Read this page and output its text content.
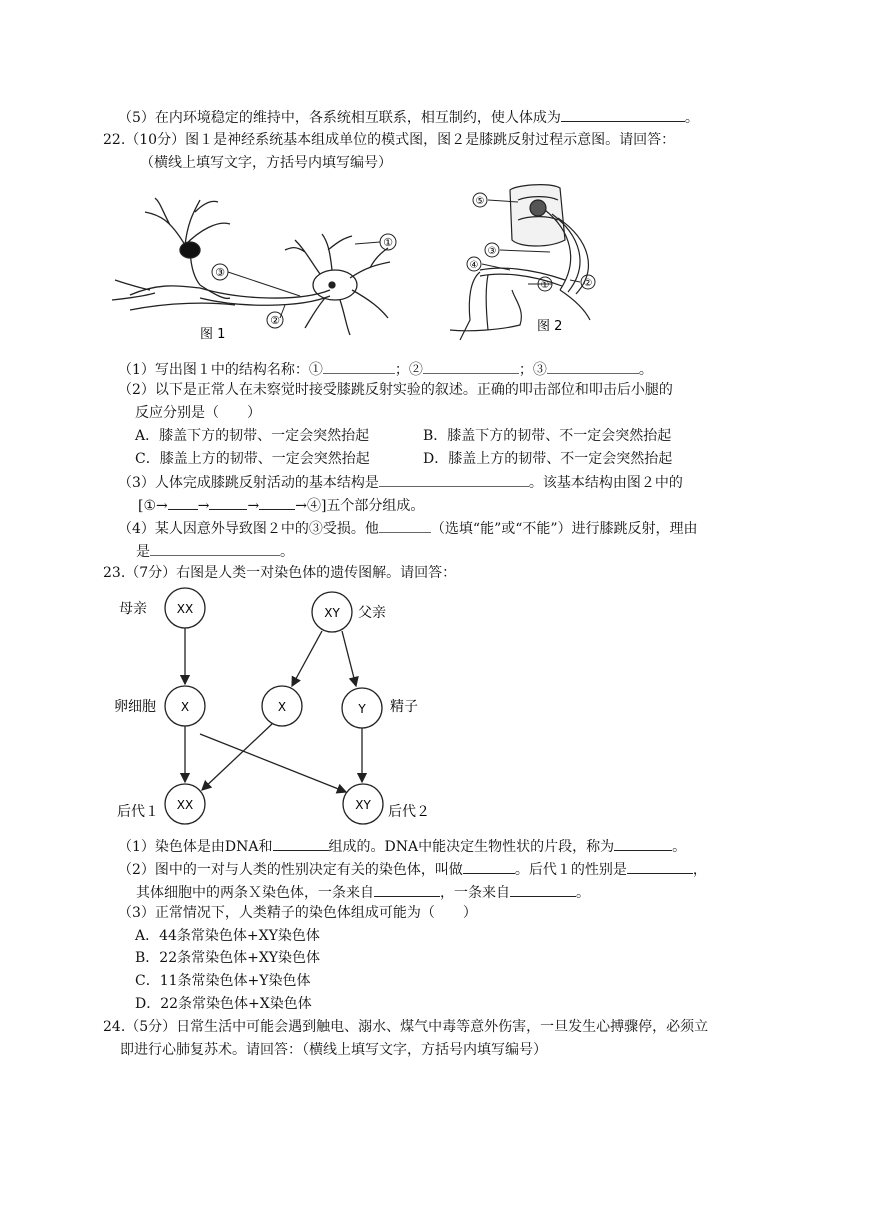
（5）在内环境稳定的维持中，各系统相互联系，相互制约，使人体成为	。
22.（10分）图１是神经系统基本组成单位的模式图，图２是膝跳反射过程示意图。请回答：
（横线上填写文字，方括号内填写编号）
①
③
②
图 1
⑤
③
④
①	②
图 2
（1）写出图１中的结构名称：①	；②	；③	。
（2）以下是正常人在未察觉时接受膝跳反射实验的叙述。正确的叩击部位和叩击后小腿的
反应分别是（　　）
A．膝盖下方的韧带、一定会突然抬起	B．膝盖下方的韧带、不一定会突然抬起
C．膝盖上方的韧带、一定会突然抬起	D．膝盖上方的韧带、不一定会突然抬起
（3）人体完成膝跳反射活动的基本结构是	。该基本结构由图２中的
[①→ →	→	→④]五个部分组成。
（4）某人因意外导致图２中的③受损。他	（选填“能”或“不能”）进行膝跳反射，理由
是	。
23.（7分）右图是人类一对染色体的遗传图解。请回答：
XX	XY
X	X	Y
XX	XY
母亲	父亲
卵细胞	精子
后代１	后代２
（1）染色体是由DNA和	组成的。DNA中能决定生物性状的片段，称为	。
（2）图中的一对与人类的性别决定有关的染色体，叫做	。后代１的性别是	，
其体细胞中的两条Ｘ染色体，一条来自	，一条来自	。
（3）正常情况下，人类精子的染色体组成可能为（　　）
A．44条常染色体+XY染色体
B．22条常染色体+XY染色体
C．11条常染色体+Y染色体
D．22条常染色体+X染色体
24.（5分）日常生活中可能会遇到触电、溺水、煤气中毒等意外伤害，一旦发生心搏骤停，必须立
即进行心肺复苏术。请回答：（横线上填写文字，方括号内填写编号）
